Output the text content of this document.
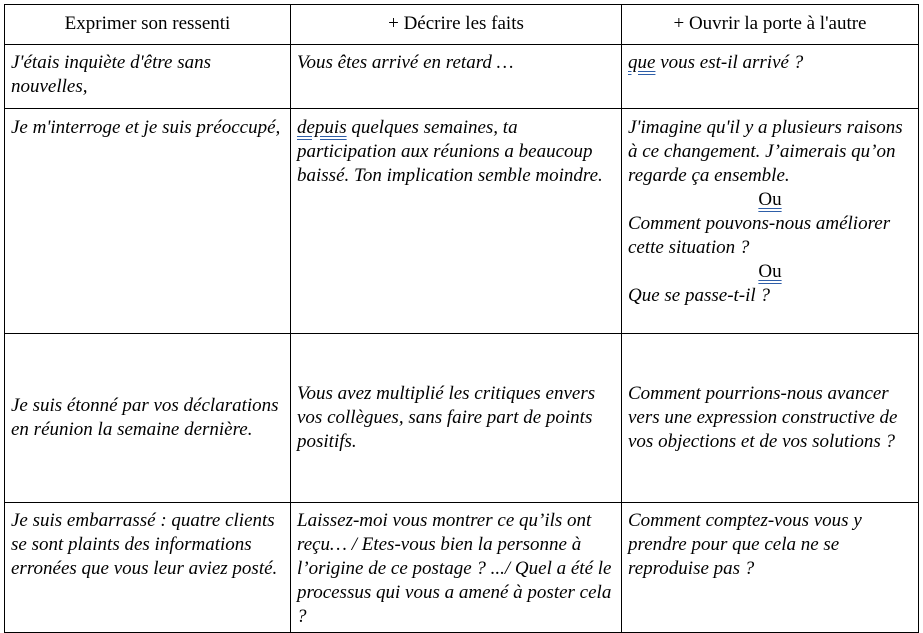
Exprimer son ressenti	+ Décrire les faits	+ Ouvrir la porte à l'autre
J'étais inquiète d'être sans nouvelles,	Vous êtes arrivé en retard …	que vous est-il arrivé ?
Je m'interroge et je suis préoccupé,	depuis quelques semaines, ta participation aux réunions a beaucoup baissé. Ton implication semble moindre.	J'imagine qu'il y a plusieurs raisons à ce changement. J’aimerais qu’on regarde ça ensemble.
Ou
Comment pouvons-nous améliorer cette situation ?
Ou
Que se passe-t-il ?

Je suis étonné par vos déclarations en réunion la semaine dernière.	Vous avez multiplié les critiques envers vos collègues, sans faire part de points positifs.	Comment pourrions-nous avancer vers une expression constructive de vos objections et de vos solutions ?
Je suis embarrassé : quatre clients se sont plaints des informations erronées que vous leur aviez posté.	Laissez-moi vous montrer ce qu’ils ont reçu… / Etes-vous bien la personne à l’origine de ce postage ? .../ Quel a été le processus qui vous a amené à poster cela ?	Comment comptez-vous vous y prendre pour que cela ne se reproduise pas ?
